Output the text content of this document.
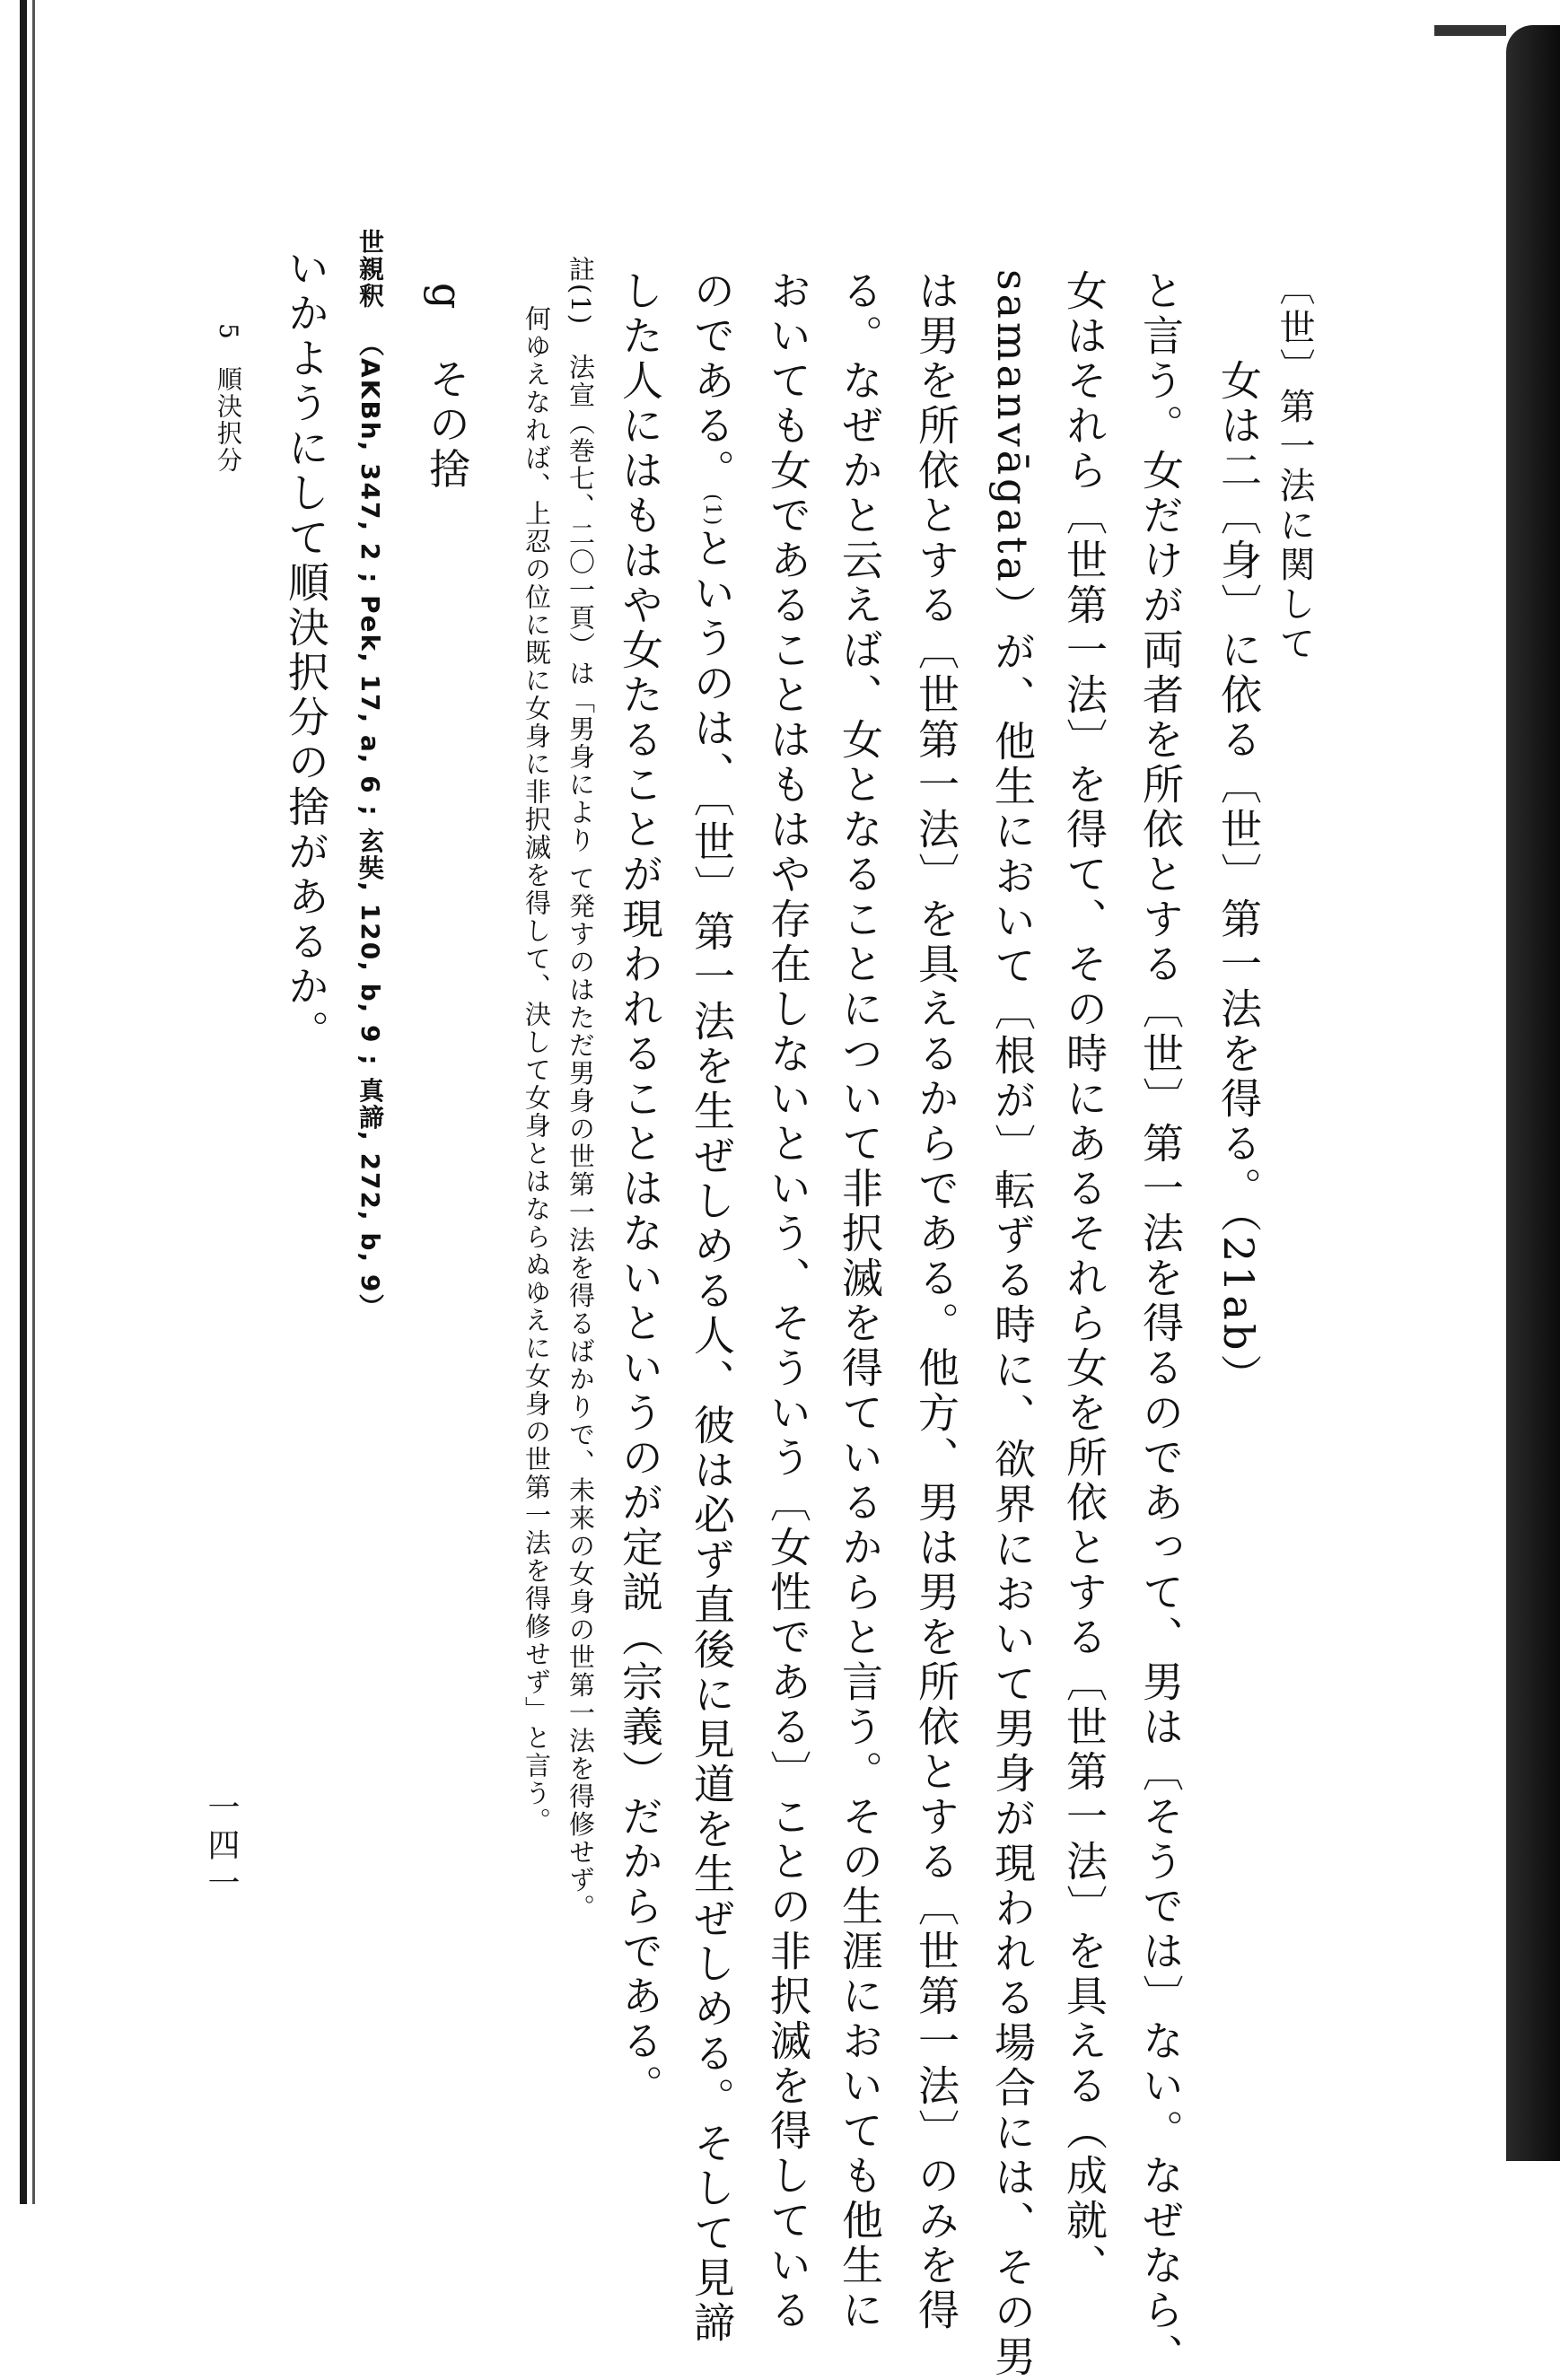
〔世〕第一法に関して
女は二〔身〕に依る〔世〕第一法を得る。（21ab）
と言う。女だけが両者を所依とする〔世〕第一法を得るのであって、男は〔そうでは〕ない。なぜなら、
女はそれら〔世第一法〕を得て、その時にあるそれら女を所依とする〔世第一法〕を具える（成就、
samanvāgata）が、他生において〔根が〕転ずる時に、欲界において男身が現われる場合には、その男
は男を所依とする〔世第一法〕を具えるからである。他方、男は男を所依とする〔世第一法〕のみを得
る。なぜかと云えば、女となることについて非択滅を得ているからと言う。その生涯においても他生に
おいても女であることはもはや存在しないという、そういう〔女性である〕ことの非択滅を得している
のである。(1)というのは、〔世〕第一法を生ぜしめる人、彼は必ず直後に見道を生ぜしめる。そして見諦
した人にはもはや女たることが現われることはないというのが定説（宗義）だからである。
註(1)　法宣（巻七、二〇一頁）は「男身により て発すのはただ男身の世第一法を得るばかりで、未来の女身の世第一法を得修せず。
何ゆえなれば、上忍の位に既に女身に非択滅を得して、決して女身とはならぬゆえに女身の世第一法を得修せず」と言う。
g　その捨
世親釈（AKBh, 347, 2 ; Pek, 17, a, 6 ; 玄奘, 120, b, 9 ; 真諦, 272, b, 9）
いかようにして順決択分の捨があるか。
5順決択分
一四一
